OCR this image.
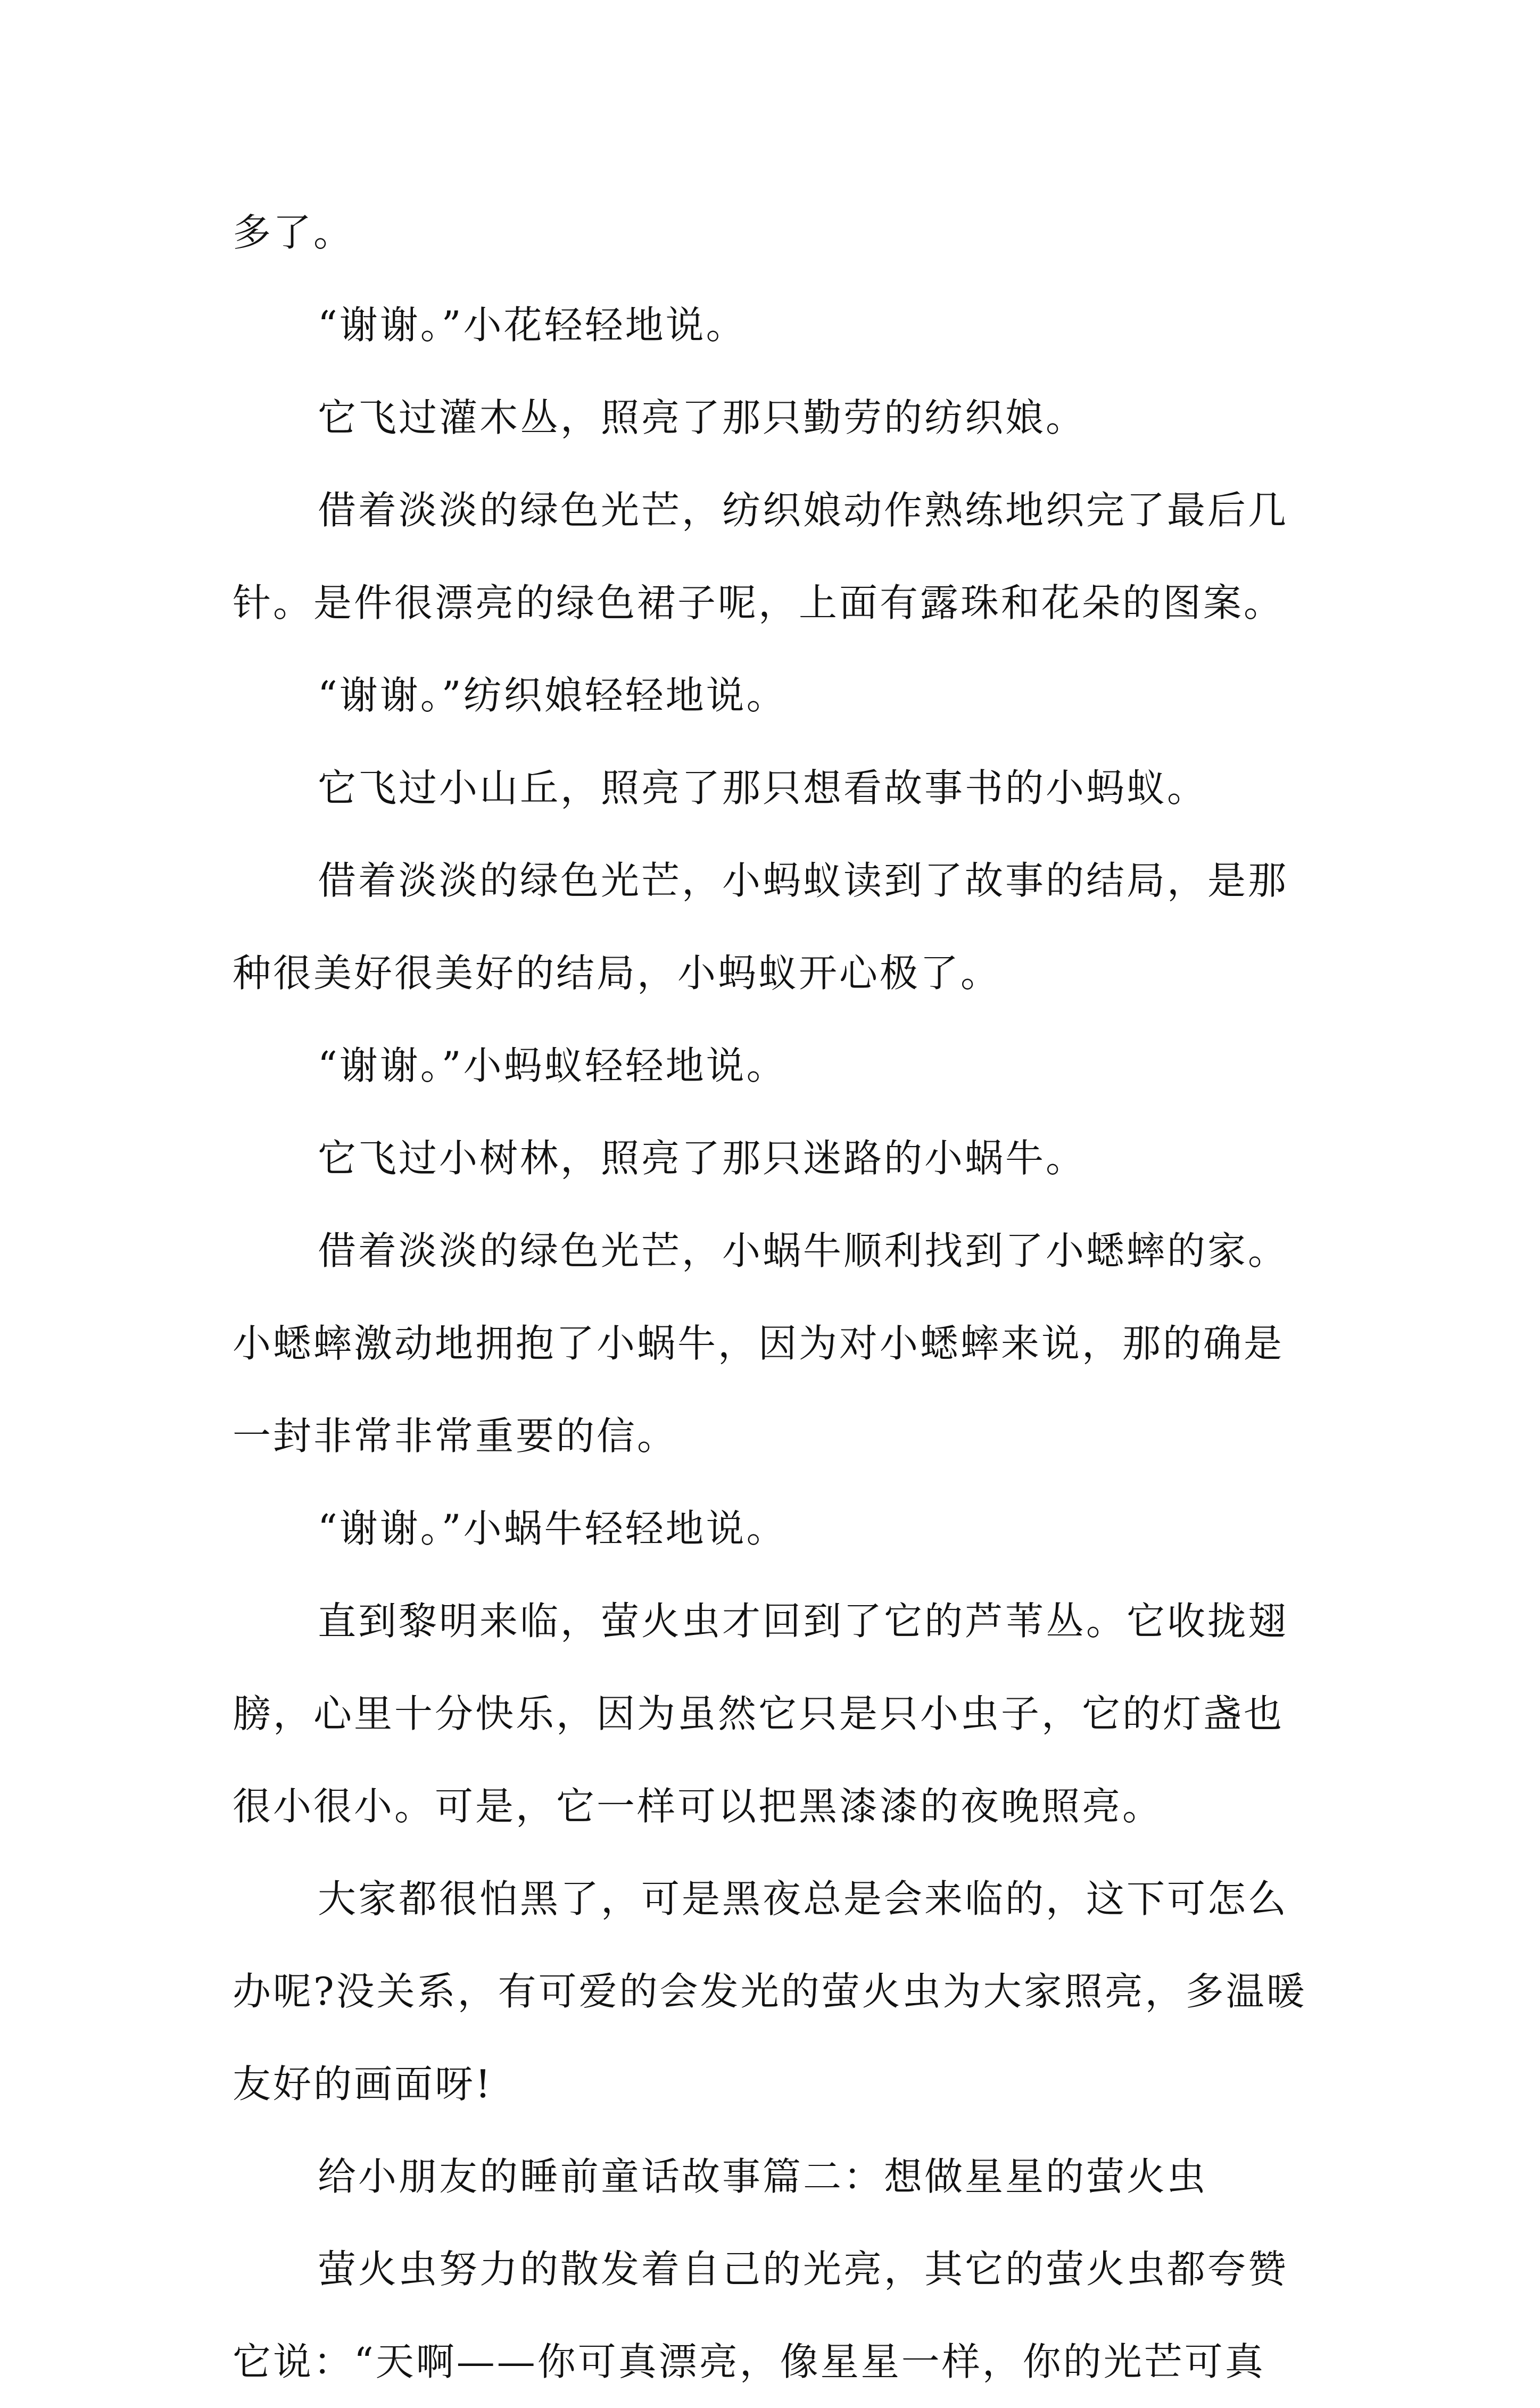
多了。

“谢谢。”小花轻轻地说。

它飞过灌木丛，照亮了那只勤劳的纺织娘。

借着淡淡的绿色光芒，纺织娘动作熟练地织完了最后几针。是件很漂亮的绿色裙子呢，上面有露珠和花朵的图案。

“谢谢。”纺织娘轻轻地说。

它飞过小山丘，照亮了那只想看故事书的小蚂蚁。

借着淡淡的绿色光芒，小蚂蚁读到了故事的结局，是那种很美好很美好的结局，小蚂蚁开心极了。

“谢谢。”小蚂蚁轻轻地说。

它飞过小树林，照亮了那只迷路的小蜗牛。

借着淡淡的绿色光芒，小蜗牛顺利找到了小蟋蟀的家。小蟋蟀激动地拥抱了小蜗牛，因为对小蟋蟀来说，那的确是一封非常非常重要的信。

“谢谢。”小蜗牛轻轻地说。

直到黎明来临，萤火虫才回到了它的芦苇丛。它收拢翅膀，心里十分快乐，因为虽然它只是只小虫子，它的灯盏也很小很小。可是，它一样可以把黑漆漆的夜晚照亮。

大家都很怕黑了，可是黑夜总是会来临的，这下可怎么办呢?没关系，有可爱的会发光的萤火虫为大家照亮，多温暖友好的画面呀!

给小朋友的睡前童话故事篇二：想做星星的萤火虫

萤火虫努力的散发着自己的光亮，其它的萤火虫都夸赞它说：“天啊——你可真漂亮，像星星一样，你的光芒可真
